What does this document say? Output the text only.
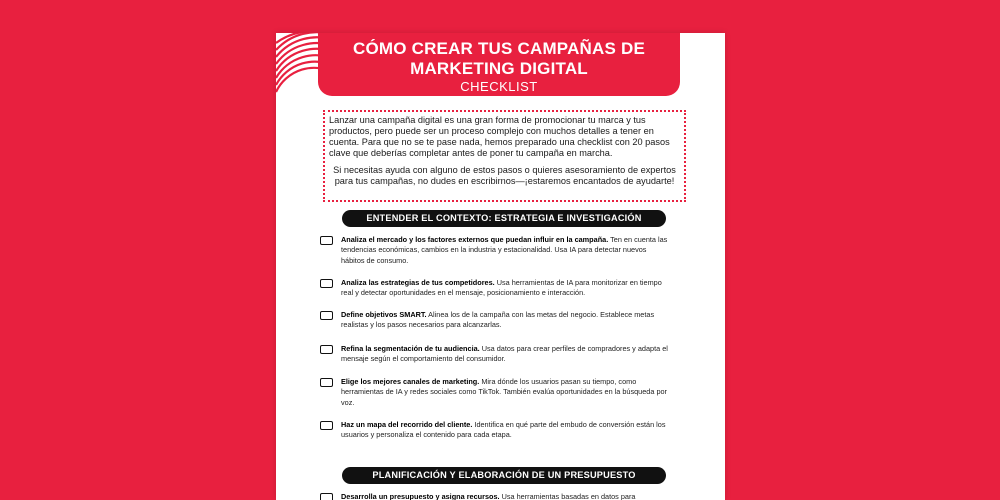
CÓMO CREAR TUS CAMPAÑAS DE
MARKETING DIGITAL
CHECKLIST

Lanzar una campaña digital es una gran forma de promocionar tu marca y tus productos, pero puede ser un proceso complejo con muchos detalles a tener en cuenta. Para que no se te pase nada, hemos preparado una checklist con 20 pasos clave que deberías completar antes de poner tu campaña en marcha.

Si necesitas ayuda con alguno de estos pasos o quieres asesoramiento de expertos para tus campañas, no dudes en escribirnos—¡estaremos encantados de ayudarte!

ENTENDER EL CONTEXTO: ESTRATEGIA E INVESTIGACIÓN
Analiza el mercado y los factores externos que puedan influir en la campaña. Ten en cuenta las tendencias económicas, cambios en la industria y estacionalidad. Usa IA para detectar nuevos hábitos de consumo.
Analiza las estrategias de tus competidores. Usa herramientas de IA para monitorizar en tiempo real y detectar oportunidades en el mensaje, posicionamiento e interacción.
Define objetivos SMART. Alinea los de la campaña con las metas del negocio. Establece metas realistas y los pasos necesarios para alcanzarlas.
Refina la segmentación de tu audiencia. Usa datos para crear perfiles de compradores y adapta el mensaje según el comportamiento del consumidor.
Elige los mejores canales de marketing. Mira dónde los usuarios pasan su tiempo, como herramientas de IA y redes sociales como TikTok. También evalúa oportunidades en la búsqueda por voz.
Haz un mapa del recorrido del cliente. Identifica en qué parte del embudo de conversión están los usuarios y personaliza el contenido para cada etapa.
PLANIFICACIÓN Y ELABORACIÓN DE UN PRESUPUESTO
Desarrolla un presupuesto y asigna recursos. Usa herramientas basadas en datos para
